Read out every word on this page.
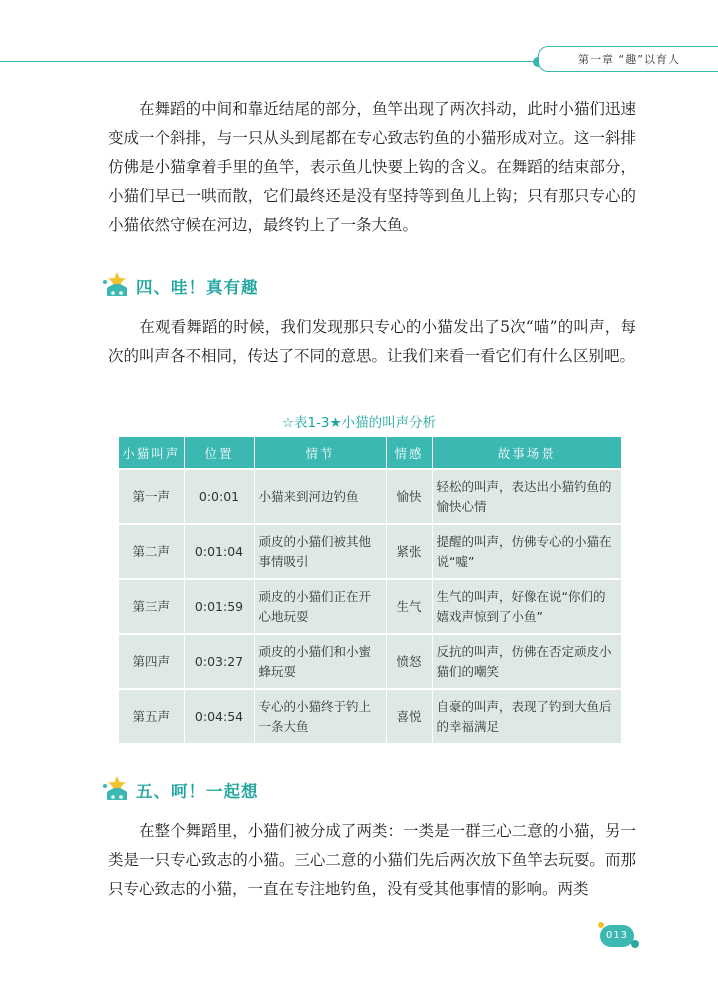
第一章 “趣”以育人

在舞蹈的中间和靠近结尾的部分，鱼竿出现了两次抖动，此时小猫们迅速变成一个斜排，与一只从头到尾都在专心致志钓鱼的小猫形成对立。这一斜排仿佛是小猫拿着手里的鱼竿，表示鱼儿快要上钩的含义。在舞蹈的结束部分，小猫们早已一哄而散，它们最终还是没有坚持等到鱼儿上钩；只有那只专心的小猫依然守候在河边，最终钓上了一条大鱼。

四、哇！真有趣

在观看舞蹈的时候，我们发现那只专心的小猫发出了5次“喵”的叫声，每次的叫声各不相同，传达了不同的意思。让我们来看一看它们有什么区别吧。

☆表1-3★小猫的叫声分析
小猫叫声	位置	情节	情感	故事场景
第一声	0:0:01	小猫来到河边钓鱼	愉快	轻松的叫声，表达出小猫钓鱼的愉快心情
第二声	0:01:04	顽皮的小猫们被其他事情吸引	紧张	提醒的叫声，仿佛专心的小猫在说“嘘”
第三声	0:01:59	顽皮的小猫们正在开心地玩耍	生气	生气的叫声，好像在说“你们的嬉戏声惊到了小鱼”
第四声	0:03:27	顽皮的小猫们和小蜜蜂玩耍	愤怒	反抗的叫声，仿佛在否定顽皮小猫们的嘲笑
第五声	0:04:54	专心的小猫终于钓上一条大鱼	喜悦	自豪的叫声，表现了钓到大鱼后的幸福满足
五、呵！一起想

在整个舞蹈里，小猫们被分成了两类：一类是一群三心二意的小猫，另一类是一只专心致志的小猫。三心二意的小猫们先后两次放下鱼竿去玩耍。而那只专心致志的小猫，一直在专注地钓鱼，没有受其他事情的影响。两类

013
